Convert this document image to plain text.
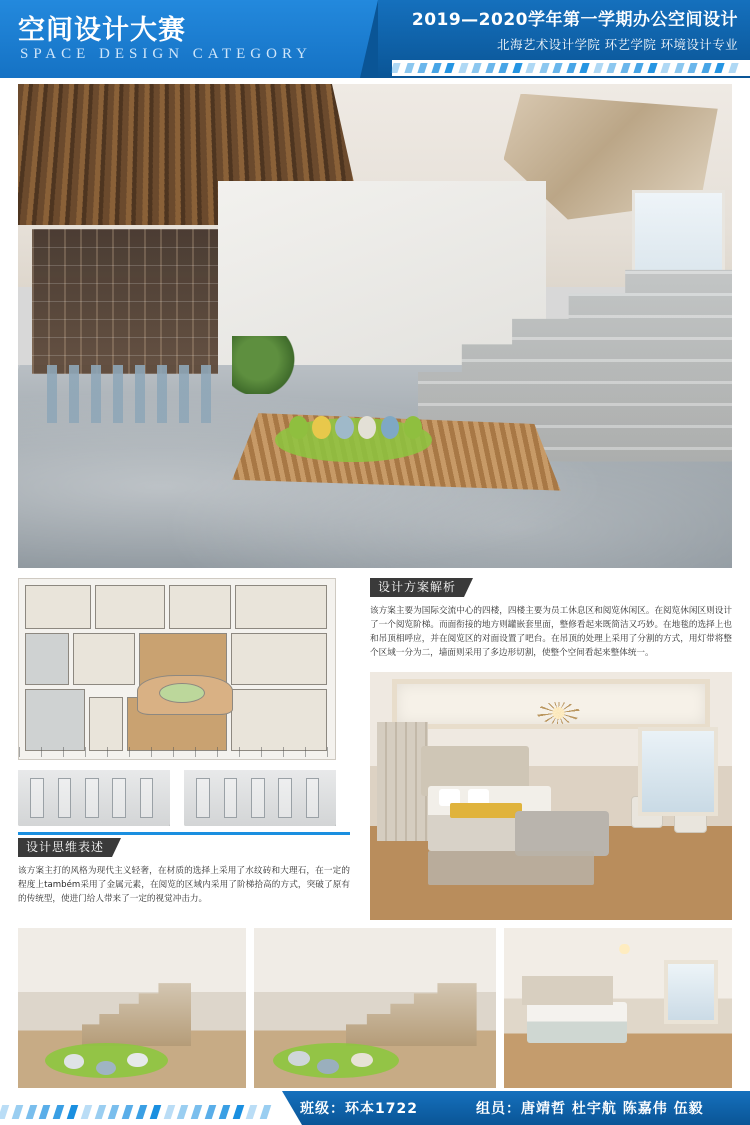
空间设计大赛
SPACE DESIGN CATEGORY
2019—2020学年第一学期办公空间设计
北海艺术设计学院 环艺学院 环境设计专业
设计方案解析
该方案主要为国际交流中心的四楼，四楼主要为员工休息区和阅览休闲区。在阅览休闲区则设计了一个阅览阶梯。而面衔接的地方则罐嵌套里面，整修看起来既简洁又巧妙。在地毯的选择上也和吊顶相呼应，并在阅览区的对面设置了吧台。在吊顶的处理上采用了分割的方式，用灯带将整个区域一分为二，墙面则采用了多边形切割，使整个空间看起来整体统一。
设计思维表述
该方案主打的风格为现代主义轻奢，在材质的选择上采用了水纹砖和大理石，在一定的程度上também采用了金属元素，在阅览的区域内采用了阶梯拾高的方式，突破了原有的传统型，使进门给人带来了一定的视觉冲击力。
班级：环本1722	组员：唐靖哲 杜宇航 陈嘉伟 伍毅
